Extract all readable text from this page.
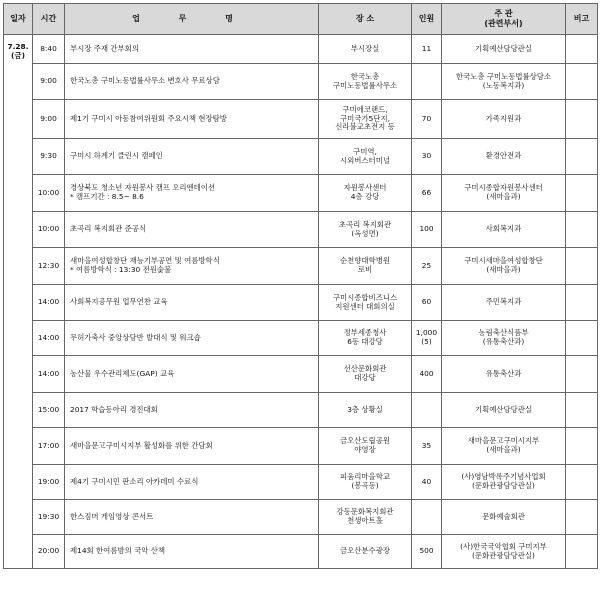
일자	시간	업 무 명	장 소	인원	주 관
(관련부서)	비고
7.28.
(금)	8:40	부시장 주재 간부회의	부시장실	11	기획예산담당관실	
	9:00	한국노총 구미노동법률사무소 변호사 무료상담	한국노총
구미노동법률사무소		한국노총 구미노동법률상담소
(노동복지과)	
	9:00	제1기 구미시 아동참여위원회 주요시책 현장탐방	구미에코랜드,
구미국가5단지,
신라불교초전지 등	70	가족지원과	
	9:30	구미시 하계기 클린시 캠페인	구미역,
시외버스터미널	30	환경안전과	
	10:00	경상북도 청소년 자원봉사 캠프 오리엔테이션
* 캠프기간 : 8.5~ 8.6	자원봉사센터
4층 강당	66	구미시종합자원봉사센터
(새마을과)	
	10:00	초곡리 복지회관 준공식	초곡리 복지회관
(옥성면)	100	사회복지과	
	12:30	새마을여성합창단 재능기부공연 및 여름방학식
* 여름방학식 : 13:30 전원숯불	순천향대학병원
로비	25	구미시새마을여성합창단
(새마을과)	
	14:00	사회복지공무원 업무연찬 교육	구미시종합비즈니스
지원센터 대회의실	60	주민복지과	
	14:00	무허가축사 중앙상담반 발대식 및 워크숍	정부세종청사
6동 대강당	1,000
(5)	농림축산식품부
(유통축산과)	
	14:00	농산물 우수관리제도(GAP) 교육	선산문화회관
대강당	400	유통축산과	
	15:00	2017 학습동아리 경진대회	3층 상황실		기획예산담당관실	
	17:00	새마을문고구미시지부 활성화를 위한 간담회	금오산도립공원
야영장	35	새마을문고구미시지부
(새마을과)	
	19:00	제4기 구미시민 판소리 아카데미 수료식	피움리마을학교
(봉곡동)	40	(사)영남박록주기념사업회
(문화관광담당관실)	
	19:30	한스짐머 게임영상 콘서트	강동문화복지회관
천생아트홀		문화예술회관	
	20:00	제14회 한여름밤의 국악 산책	금오산분수광장	500	(사)한국국악협회 구미지부
(문화관광담당관실)	
